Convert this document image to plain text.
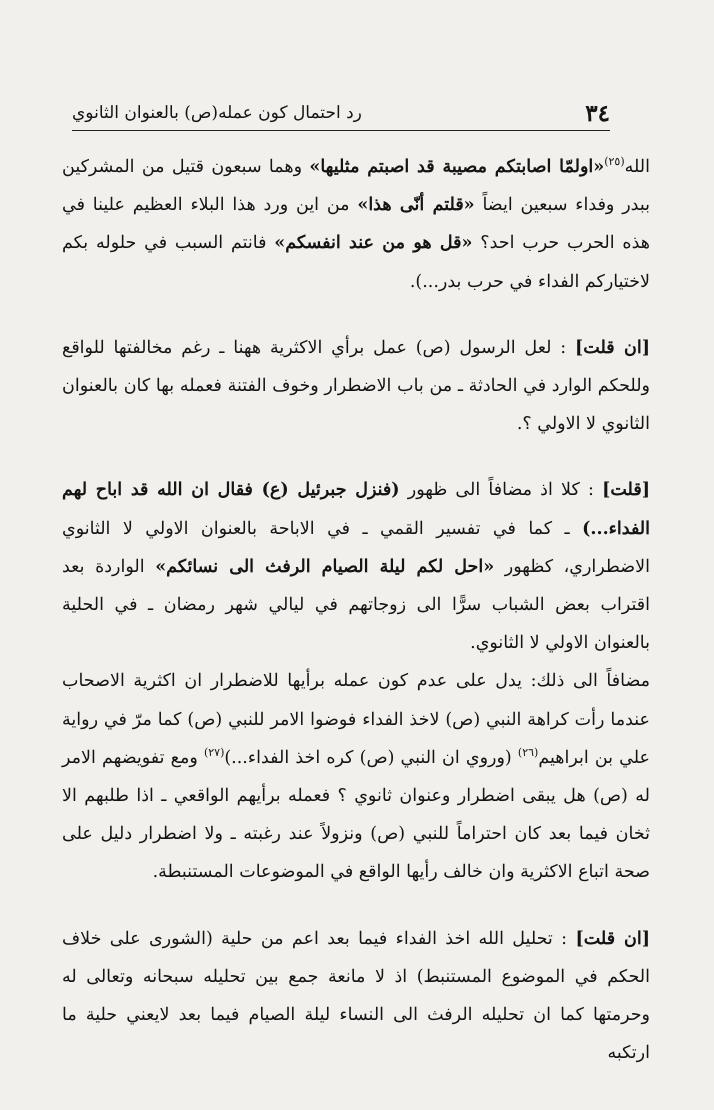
٣٤
رد احتمال كون عمله(ص) بالعنوان الثانوي

الله$^{(٢٥)}$«اولمّا اصابتكم مصيبة قد اصبتم مثليها» وهما سبعون قتيل من المشركين ببدر وفداء سبعين ايضاً «قلتم أنّى هذا» من اين ورد هذا البلاء العظيم علينا في هذه الحرب حرب احد؟ «قل هو من عند انفسكم» فانتم السبب في حلوله بكم لاختياركم الفداء في حرب بدر...).

[ان قلت] : لعل الرسول (ص) عمل برأي الاكثرية ههنا ـ رغم مخالفتها للواقع وللحكم الوارد في الحادثة ـ من باب الاضطرار وخوف الفتنة فعمله بها كان بالعنوان الثانوي لا الاولي ؟.

[قلت] : كلا اذ مضافاً الى ظهور (فنزل جبرئيل (ع) فقال ان الله قد اباح لهم الفداء...) ـ كما في تفسير القمي ـ في الاباحة بالعنوان الاولي لا الثانوي الاضطراري، كظهور «احل لكم ليلة الصيام الرفث الى نسائكم» الواردة بعد اقتراب بعض الشباب سرًّا الى زوجاتهم في ليالي شهر رمضان ـ في الحلية بالعنوان الاولي لا الثانوي.

مضافاً الى ذلك: يدل على عدم كون عمله برأيها للاضطرار ان اكثرية الاصحاب عندما رأت كراهة النبي (ص) لاخذ الفداء فوضوا الامر للنبي (ص) كما مرّ في رواية علي بن ابراهيم$^{(٢٦)}$ (وروي ان النبي (ص) كره اخذ الفداء...)$^{(٢٧)}$ ومع تفويضهم الامر له (ص) هل يبقى اضطرار وعنوان ثانوي ؟ فعمله برأيهم الواقعي ـ اذا طلبهم الا ثخان فيما بعد كان احتراماً للنبي (ص) ونزولاً عند رغبته ـ ولا اضطرار دليل على صحة اتباع الاكثرية وان خالف رأيها الواقع في الموضوعات المستنبطة.

[ان قلت] : تحليل الله اخذ الفداء فيما بعد اعم من حلية (الشورى على خلاف الحكم في الموضوع المستنبط) اذ لا مانعة جمع بين تحليله سبحانه وتعالى له وحرمتها كما ان تحليله الرفث الى النساء ليلة الصيام فيما بعد لايعني حلية ما ارتكبه
